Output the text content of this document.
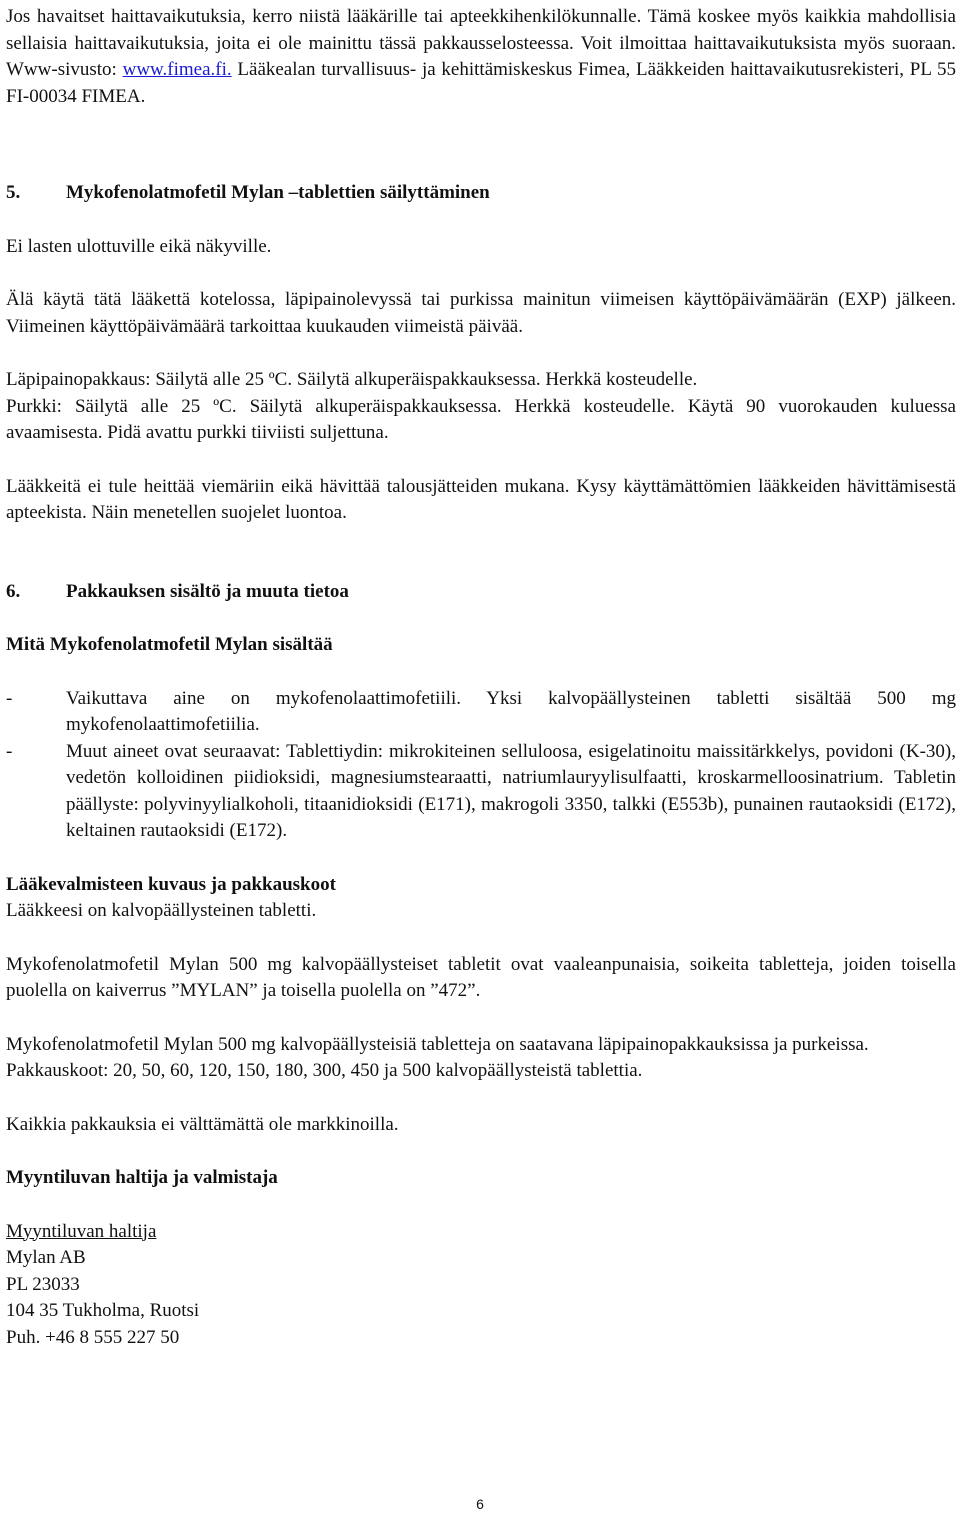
Jos havaitset haittavaikutuksia, kerro niistä lääkärille tai apteekkihenkilökunnalle. Tämä koskee myös kaikkia mahdollisia sellaisia haittavaikutuksia, joita ei ole mainittu tässä pakkausselosteessa. Voit ilmoittaa haittavaikutuksista myös suoraan. Www-sivusto: www.fimea.fi. Lääkealan turvallisuus- ja kehittämiskeskus Fimea, Lääkkeiden haittavaikutusrekisteri, PL 55 FI-00034 FIMEA.

5. Mykofenolatmofetil Mylan –tablettien säilyttäminen

Ei lasten ulottuville eikä näkyville.

Älä käytä tätä lääkettä kotelossa, läpipainolevyssä tai purkissa mainitun viimeisen käyttöpäivämäärän (EXP) jälkeen. Viimeinen käyttöpäivämäärä tarkoittaa kuukauden viimeistä päivää.

Läpipainopakkaus: Säilytä alle 25 ºC. Säilytä alkuperäispakkauksessa. Herkkä kosteudelle.

Purkki: Säilytä alle 25 ºC. Säilytä alkuperäispakkauksessa. Herkkä kosteudelle. Käytä 90 vuorokauden kuluessa avaamisesta. Pidä avattu purkki tiiviisti suljettuna.

Lääkkeitä ei tule heittää viemäriin eikä hävittää talousjätteiden mukana. Kysy käyttämättömien lääkkeiden hävittämisestä apteekista. Näin menetellen suojelet luontoa.

6. Pakkauksen sisältö ja muuta tietoa

Mitä Mykofenolatmofetil Mylan sisältää

-	Vaikuttava aine on mykofenolaattimofetiili. Yksi kalvopäällysteinen tabletti sisältää 500 mg mykofenolaattimofetiilia.
-	Muut aineet ovat seuraavat: Tablettiydin: mikrokiteinen selluloosa, esigelatinoitu maissitärkkelys, povidoni (K-30), vedetön kolloidinen piidioksidi, magnesiumstearaatti, natriumlauryylisulfaatti, kroskarmelloosinatrium. Tabletin päällyste: polyvinyylialkoholi, titaanidioksidi (E171), makrogoli 3350, talkki (E553b), punainen rautaoksidi (E172), keltainen rautaoksidi (E172).

Lääkevalmisteen kuvaus ja pakkauskoot

Lääkkeesi on kalvopäällysteinen tabletti.

Mykofenolatmofetil Mylan 500 mg kalvopäällysteiset tabletit ovat vaaleanpunaisia, soikeita tabletteja, joiden toisella puolella on kaiverrus ”MYLAN” ja toisella puolella on ”472”.

Mykofenolatmofetil Mylan 500 mg kalvopäällysteisiä tabletteja on saatavana läpipainopakkauksissa ja purkeissa.

Pakkauskoot: 20, 50, 60, 120, 150, 180, 300, 450 ja 500 kalvopäällysteistä tablettia.

Kaikkia pakkauksia ei välttämättä ole markkinoilla.

Myyntiluvan haltija ja valmistaja

Myyntiluvan haltija

Mylan AB

PL 23033

104 35 Tukholma, Ruotsi

Puh. +46 8 555 227 50

6
